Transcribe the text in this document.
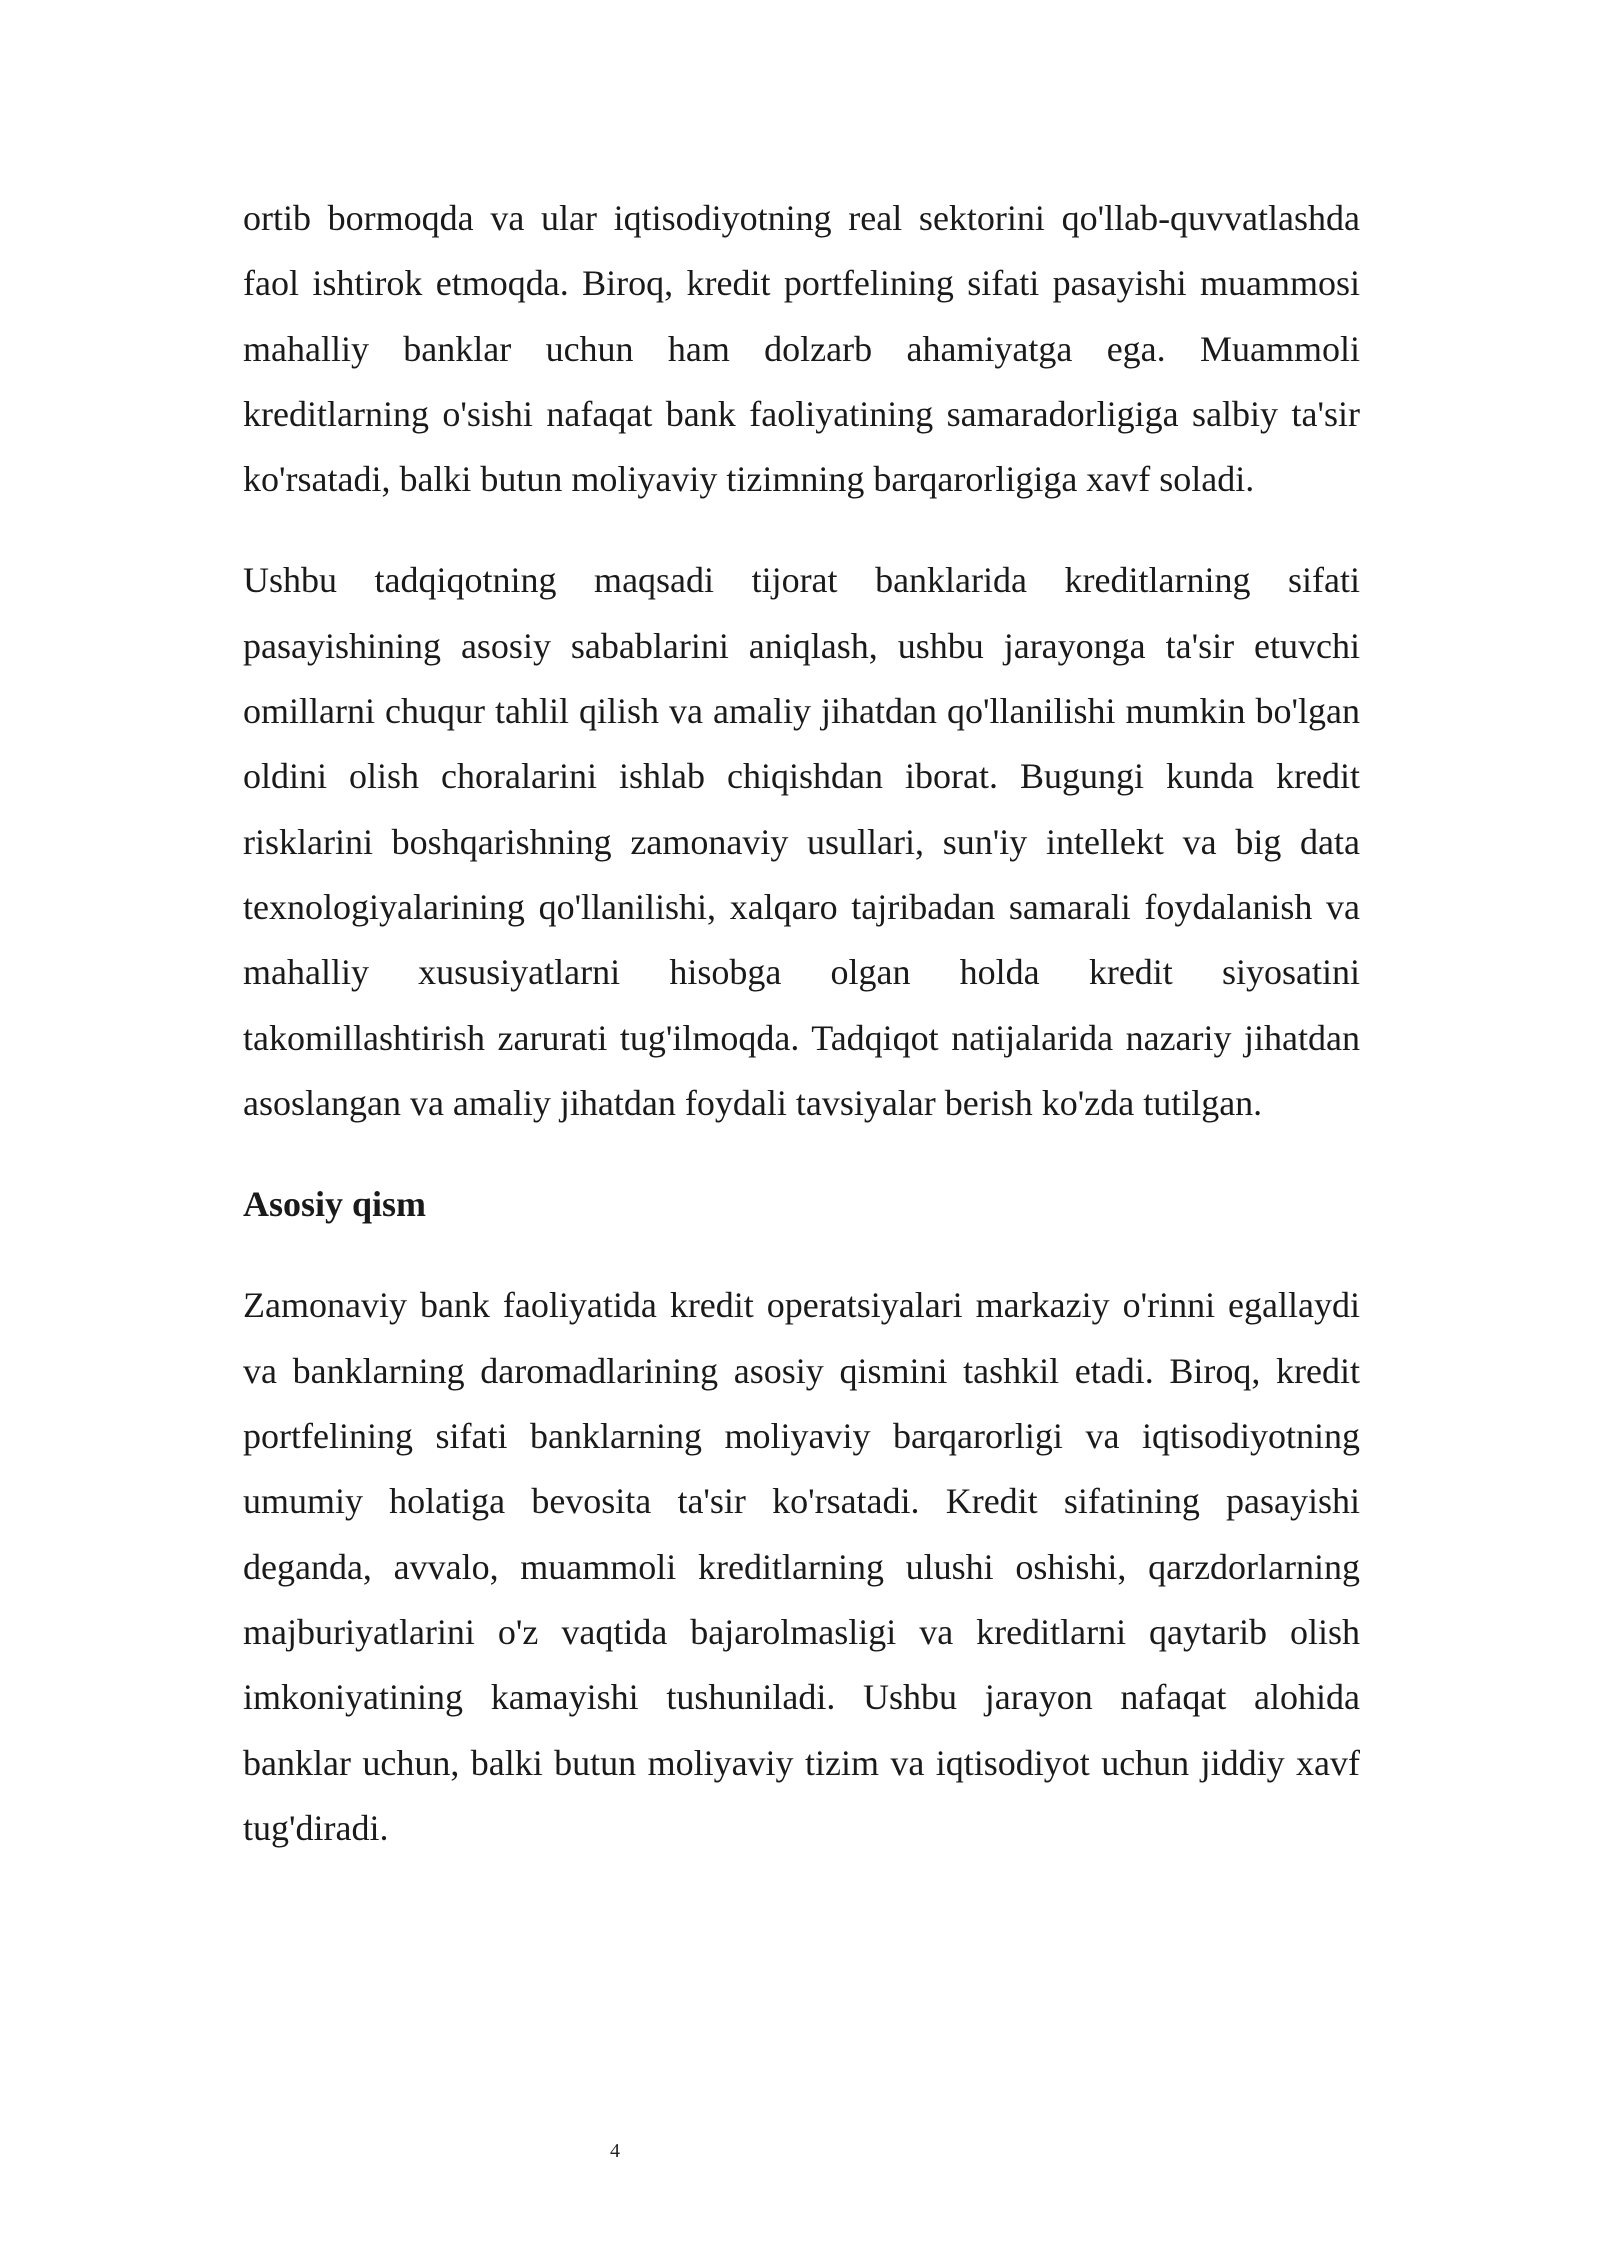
ortib bormoqda va ular iqtisodiyotning real sektorini qo'llab-quvvatlashda faol ishtirok etmoqda. Biroq, kredit portfelining sifati pasayishi muammosi mahalliy banklar uchun ham dolzarb ahamiyatga ega. Muammoli kreditlarning o'sishi nafaqat bank faoliyatining samaradorligiga salbiy ta'sir ko'rsatadi, balki butun moliyaviy tizimning barqarorligiga xavf soladi.

Ushbu tadqiqotning maqsadi tijorat banklarida kreditlarning sifati pasayishining asosiy sabablarini aniqlash, ushbu jarayonga ta'sir etuvchi omillarni chuqur tahlil qilish va amaliy jihatdan qo'llanilishi mumkin bo'lgan oldini olish choralarini ishlab chiqishdan iborat. Bugungi kunda kredit risklarini boshqarishning zamonaviy usullari, sun'iy intellekt va big data texnologiyalarining qo'llanilishi, xalqaro tajribadan samarali foydalanish va mahalliy xususiyatlarni hisobga olgan holda kredit siyosatini takomillashtirish zarurati tug'ilmoqda. Tadqiqot natijalarida nazariy jihatdan asoslangan va amaliy jihatdan foydali tavsiyalar berish ko'zda tutilgan.

Asosiy qism

Zamonaviy bank faoliyatida kredit operatsiyalari markaziy o'rinni egallaydi va banklarning daromadlarining asosiy qismini tashkil etadi. Biroq, kredit portfelining sifati banklarning moliyaviy barqarorligi va iqtisodiyotning umumiy holatiga bevosita ta'sir ko'rsatadi. Kredit sifatining pasayishi deganda, avvalo, muammoli kreditlarning ulushi oshishi, qarzdorlarning majburiyatlarini o'z vaqtida bajarolmasligi va kreditlarni qaytarib olish imkoniyatining kamayishi tushuniladi. Ushbu jarayon nafaqat alohida banklar uchun, balki butun moliyaviy tizim va iqtisodiyot uchun jiddiy xavf tug'diradi.

4
